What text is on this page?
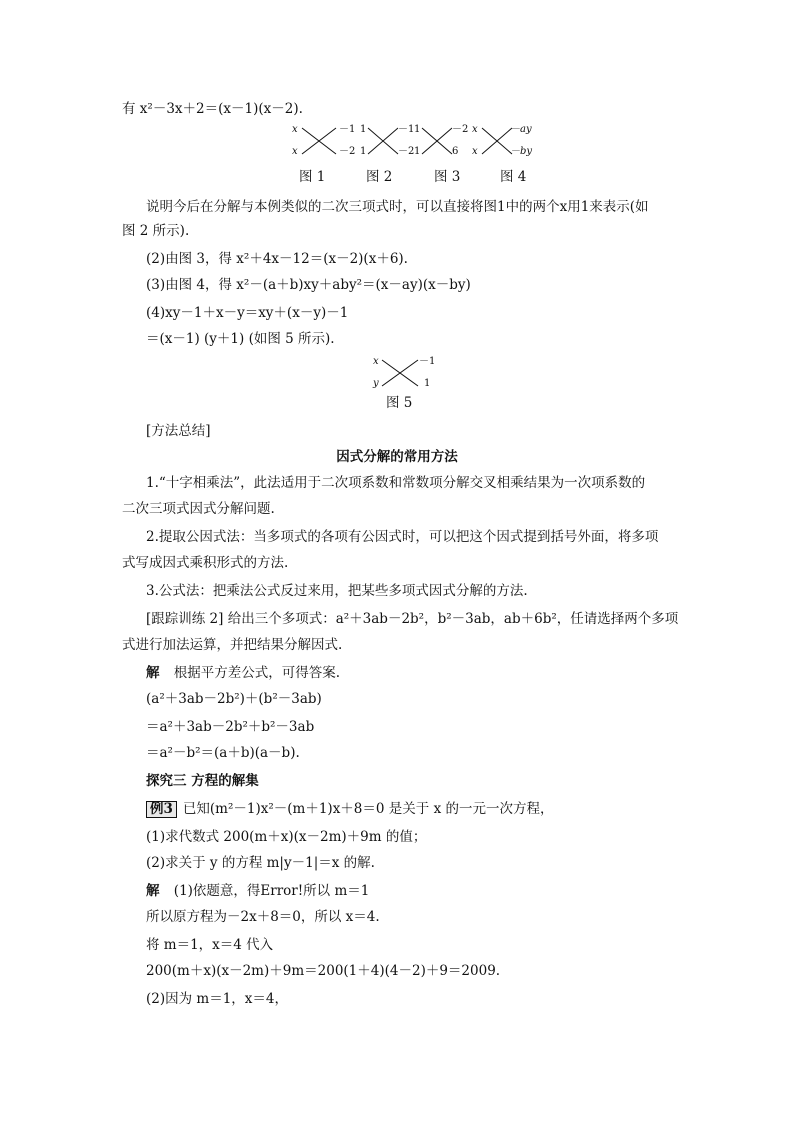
有 x²－3x＋2＝(x－1)(x－2).
x
x
－1
－2
1
1
－1
－2
1
1
－2
6
x
x
－ay
－by
图 1	图 2	图 3	图 4
说明今后在分解与本例类似的二次三项式时，可以直接将图1中的两个x用1来表示(如
图 2 所示).
(2)由图 3，得 x²＋4x－12＝(x－2)(x＋6).
(3)由图 4，得 x²－(a＋b)xy＋aby²＝(x－ay)(x－by)
(4)xy－1＋x－y＝xy＋(x－y)－1
＝(x－1) (y＋1) (如图 5 所示).
x
y
－1
1
图 5
[方法总结]
因式分解的常用方法
1.“十字相乘法”，此法适用于二次项系数和常数项分解交叉相乘结果为一次项系数的
二次三项式因式分解问题.
2.提取公因式法：当多项式的各项有公因式时，可以把这个因式提到括号外面，将多项
式写成因式乘积形式的方法.
3.公式法：把乘法公式反过来用，把某些多项式因式分解的方法.
[跟踪训练 2] 给出三个多项式：a²＋3ab－2b²，b²－3ab，ab＋6b²，任请选择两个多项
式进行加法运算，并把结果分解因式.
解 根据平方差公式，可得答案.
(a²＋3ab－2b²)＋(b²－3ab)
＝a²＋3ab－2b²＋b²－3ab
＝a²－b²＝(a＋b)(a－b).
探究三 方程的解集
例3 已知(m²－1)x²－(m＋1)x＋8＝0 是关于 x 的一元一次方程，
(1)求代数式 200(m＋x)(x－2m)＋9m 的值；
(2)求关于 y 的方程 m|y－1|＝x 的解.
解 (1)依题意，得Error!所以 m＝1
所以原方程为－2x＋8＝0，所以 x＝4.
将 m＝1，x＝4 代入
200(m＋x)(x－2m)＋9m＝200(1＋4)(4－2)＋9＝2009.
(2)因为 m＝1，x＝4，
